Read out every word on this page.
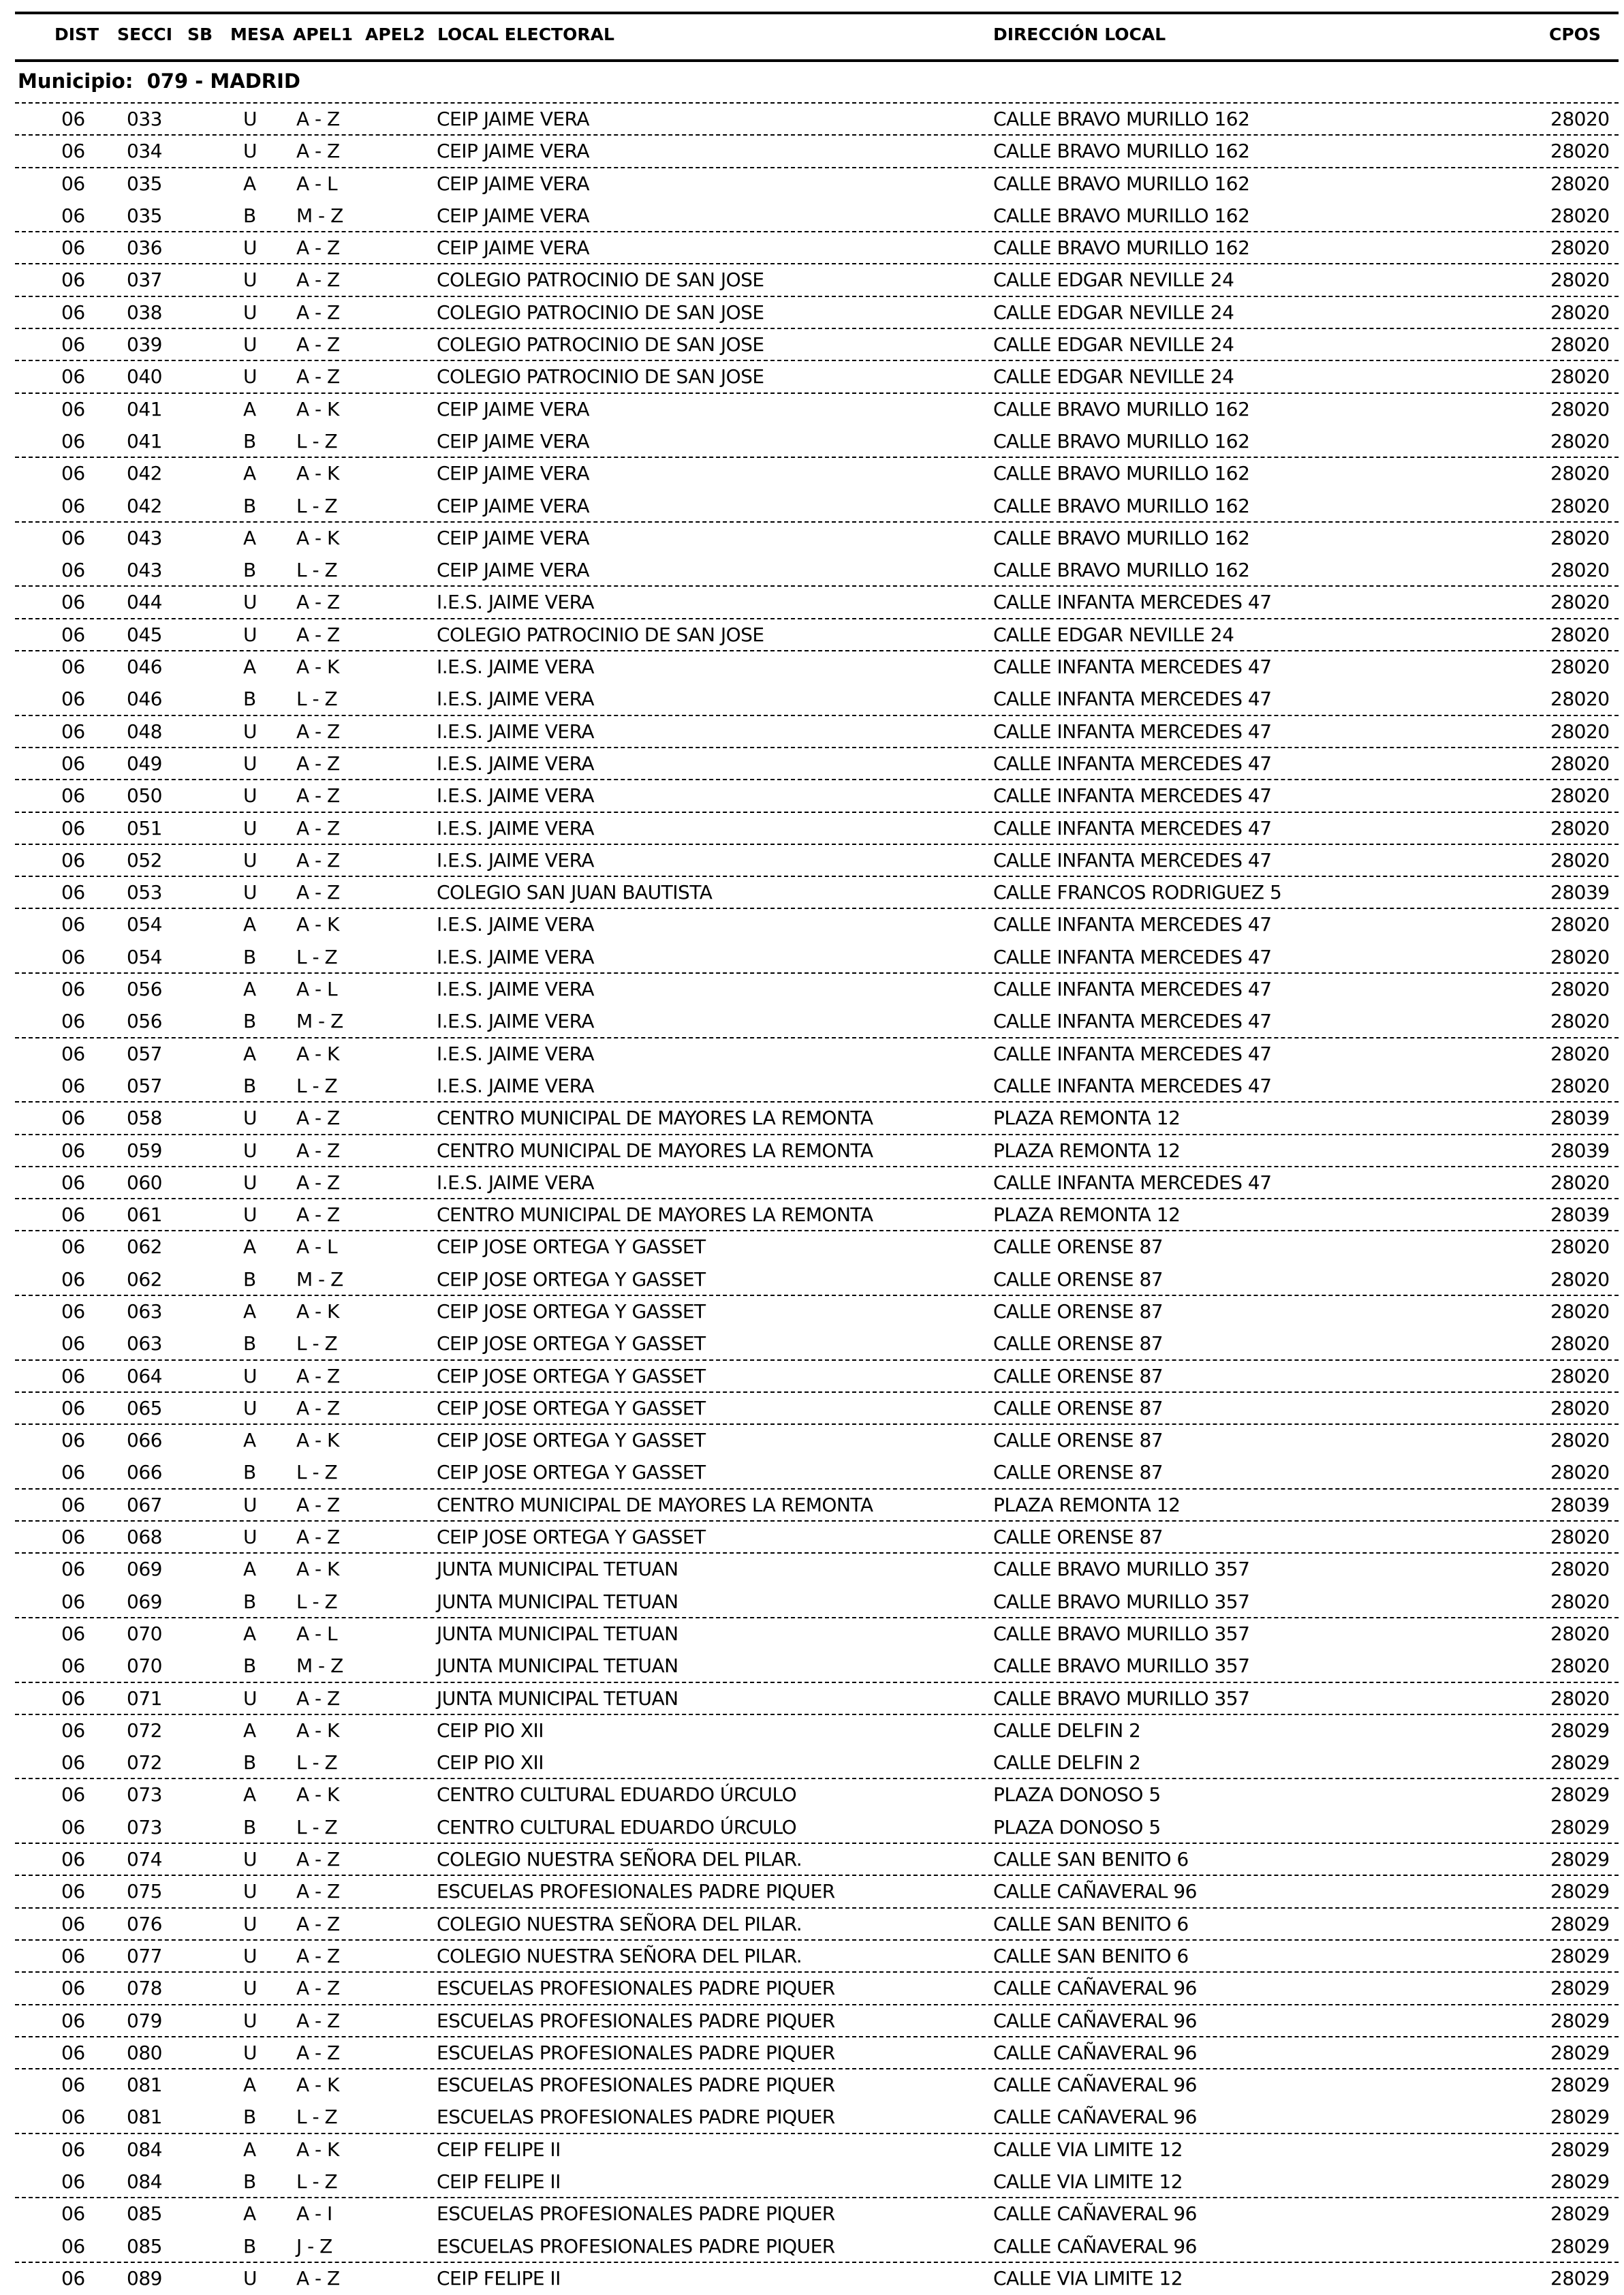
DIST SECCI SB MESA APEL1 APEL2 LOCAL ELECTORAL	DIRECCIÓN LOCAL	CPOS
Municipio:  079 - MADRID
06 033	U A - Z	CEIP JAIME VERA	CALLE BRAVO MURILLO 162	28020
06 034	U A - Z	CEIP JAIME VERA	CALLE BRAVO MURILLO 162	28020
06 035	A A - L	CEIP JAIME VERA	CALLE BRAVO MURILLO 162	28020
06 035	B M - Z	CEIP JAIME VERA	CALLE BRAVO MURILLO 162	28020
06 036	U A - Z	CEIP JAIME VERA	CALLE BRAVO MURILLO 162	28020
06 037	U A - Z	COLEGIO PATROCINIO DE SAN JOSE	CALLE EDGAR NEVILLE 24	28020
06 038	U A - Z	COLEGIO PATROCINIO DE SAN JOSE	CALLE EDGAR NEVILLE 24	28020
06 039	U A - Z	COLEGIO PATROCINIO DE SAN JOSE	CALLE EDGAR NEVILLE 24	28020
06 040	U A - Z	COLEGIO PATROCINIO DE SAN JOSE	CALLE EDGAR NEVILLE 24	28020
06 041	A A - K	CEIP JAIME VERA	CALLE BRAVO MURILLO 162	28020
06 041	B L - Z	CEIP JAIME VERA	CALLE BRAVO MURILLO 162	28020
06 042	A A - K	CEIP JAIME VERA	CALLE BRAVO MURILLO 162	28020
06 042	B L - Z	CEIP JAIME VERA	CALLE BRAVO MURILLO 162	28020
06 043	A A - K	CEIP JAIME VERA	CALLE BRAVO MURILLO 162	28020
06 043	B L - Z	CEIP JAIME VERA	CALLE BRAVO MURILLO 162	28020
06 044	U A - Z	I.E.S. JAIME VERA	CALLE INFANTA MERCEDES 47	28020
06 045	U A - Z	COLEGIO PATROCINIO DE SAN JOSE	CALLE EDGAR NEVILLE 24	28020
06 046	A A - K	I.E.S. JAIME VERA	CALLE INFANTA MERCEDES 47	28020
06 046	B L - Z	I.E.S. JAIME VERA	CALLE INFANTA MERCEDES 47	28020
06 048	U A - Z	I.E.S. JAIME VERA	CALLE INFANTA MERCEDES 47	28020
06 049	U A - Z	I.E.S. JAIME VERA	CALLE INFANTA MERCEDES 47	28020
06 050	U A - Z	I.E.S. JAIME VERA	CALLE INFANTA MERCEDES 47	28020
06 051	U A - Z	I.E.S. JAIME VERA	CALLE INFANTA MERCEDES 47	28020
06 052	U A - Z	I.E.S. JAIME VERA	CALLE INFANTA MERCEDES 47	28020
06 053	U A - Z	COLEGIO SAN JUAN BAUTISTA	CALLE FRANCOS RODRIGUEZ 5	28039
06 054	A A - K	I.E.S. JAIME VERA	CALLE INFANTA MERCEDES 47	28020
06 054	B L - Z	I.E.S. JAIME VERA	CALLE INFANTA MERCEDES 47	28020
06 056	A A - L	I.E.S. JAIME VERA	CALLE INFANTA MERCEDES 47	28020
06 056	B M - Z	I.E.S. JAIME VERA	CALLE INFANTA MERCEDES 47	28020
06 057	A A - K	I.E.S. JAIME VERA	CALLE INFANTA MERCEDES 47	28020
06 057	B L - Z	I.E.S. JAIME VERA	CALLE INFANTA MERCEDES 47	28020
06 058	U A - Z	CENTRO MUNICIPAL DE MAYORES LA REMONTA	PLAZA REMONTA 12	28039
06 059	U A - Z	CENTRO MUNICIPAL DE MAYORES LA REMONTA	PLAZA REMONTA 12	28039
06 060	U A - Z	I.E.S. JAIME VERA	CALLE INFANTA MERCEDES 47	28020
06 061	U A - Z	CENTRO MUNICIPAL DE MAYORES LA REMONTA	PLAZA REMONTA 12	28039
06 062	A A - L	CEIP JOSE ORTEGA Y GASSET	CALLE ORENSE 87	28020
06 062	B M - Z	CEIP JOSE ORTEGA Y GASSET	CALLE ORENSE 87	28020
06 063	A A - K	CEIP JOSE ORTEGA Y GASSET	CALLE ORENSE 87	28020
06 063	B L - Z	CEIP JOSE ORTEGA Y GASSET	CALLE ORENSE 87	28020
06 064	U A - Z	CEIP JOSE ORTEGA Y GASSET	CALLE ORENSE 87	28020
06 065	U A - Z	CEIP JOSE ORTEGA Y GASSET	CALLE ORENSE 87	28020
06 066	A A - K	CEIP JOSE ORTEGA Y GASSET	CALLE ORENSE 87	28020
06 066	B L - Z	CEIP JOSE ORTEGA Y GASSET	CALLE ORENSE 87	28020
06 067	U A - Z	CENTRO MUNICIPAL DE MAYORES LA REMONTA	PLAZA REMONTA 12	28039
06 068	U A - Z	CEIP JOSE ORTEGA Y GASSET	CALLE ORENSE 87	28020
06 069	A A - K	JUNTA MUNICIPAL TETUAN	CALLE BRAVO MURILLO 357	28020
06 069	B L - Z	JUNTA MUNICIPAL TETUAN	CALLE BRAVO MURILLO 357	28020
06 070	A A - L	JUNTA MUNICIPAL TETUAN	CALLE BRAVO MURILLO 357	28020
06 070	B M - Z	JUNTA MUNICIPAL TETUAN	CALLE BRAVO MURILLO 357	28020
06 071	U A - Z	JUNTA MUNICIPAL TETUAN	CALLE BRAVO MURILLO 357	28020
06 072	A A - K	CEIP PIO XII	CALLE DELFIN 2	28029
06 072	B L - Z	CEIP PIO XII	CALLE DELFIN 2	28029
06 073	A A - K	CENTRO CULTURAL EDUARDO ÚRCULO	PLAZA DONOSO 5	28029
06 073	B L - Z	CENTRO CULTURAL EDUARDO ÚRCULO	PLAZA DONOSO 5	28029
06 074	U A - Z	COLEGIO NUESTRA SEÑORA DEL PILAR.	CALLE SAN BENITO 6	28029
06 075	U A - Z	ESCUELAS PROFESIONALES PADRE PIQUER	CALLE CAÑAVERAL 96	28029
06 076	U A - Z	COLEGIO NUESTRA SEÑORA DEL PILAR.	CALLE SAN BENITO 6	28029
06 077	U A - Z	COLEGIO NUESTRA SEÑORA DEL PILAR.	CALLE SAN BENITO 6	28029
06 078	U A - Z	ESCUELAS PROFESIONALES PADRE PIQUER	CALLE CAÑAVERAL 96	28029
06 079	U A - Z	ESCUELAS PROFESIONALES PADRE PIQUER	CALLE CAÑAVERAL 96	28029
06 080	U A - Z	ESCUELAS PROFESIONALES PADRE PIQUER	CALLE CAÑAVERAL 96	28029
06 081	A A - K	ESCUELAS PROFESIONALES PADRE PIQUER	CALLE CAÑAVERAL 96	28029
06 081	B L - Z	ESCUELAS PROFESIONALES PADRE PIQUER	CALLE CAÑAVERAL 96	28029
06 084	A A - K	CEIP FELIPE II	CALLE VIA LIMITE 12	28029
06 084	B L - Z	CEIP FELIPE II	CALLE VIA LIMITE 12	28029
06 085	A A - I	ESCUELAS PROFESIONALES PADRE PIQUER	CALLE CAÑAVERAL 96	28029
06 085	B J - Z	ESCUELAS PROFESIONALES PADRE PIQUER	CALLE CAÑAVERAL 96	28029
06 089	U A - Z	CEIP FELIPE II	CALLE VIA LIMITE 12	28029
